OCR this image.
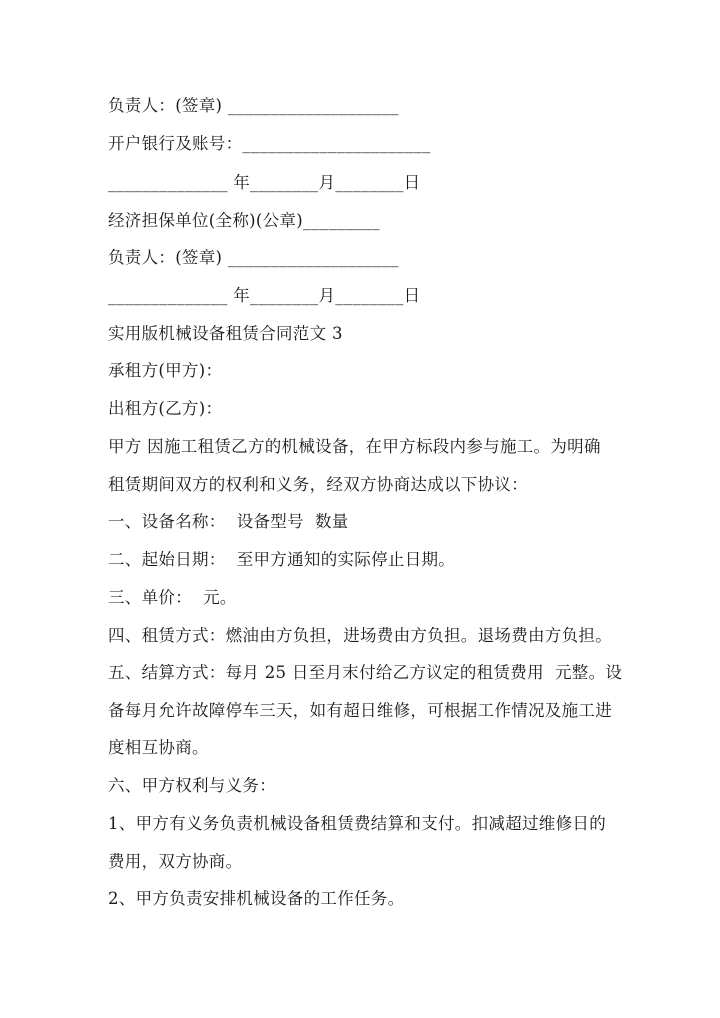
负责人：(签章) ____________________
开户银行及账号：______________________
______________ 年________月________日
经济担保单位(全称)(公章)_________
负责人：(签章) ____________________
______________ 年________月________日
实用版机械设备租赁合同范文 3
承租方(甲方)：
出租方(乙方)：
甲方 因施工租赁乙方的机械设备，在甲方标段内参与施工。为明确
租赁期间双方的权利和义务，经双方协商达成以下协议：
一、设备名称：  设备型号  数量
二、起始日期：  至甲方通知的实际停止日期。
三、单价：  元。
四、租赁方式：燃油由方负担，进场费由方负担。退场费由方负担。
五、结算方式：每月 25 日至月末付给乙方议定的租赁费用  元整。设
备每月允许故障停车三天，如有超日维修，可根据工作情况及施工进
度相互协商。
六、甲方权利与义务：
1、甲方有义务负责机械设备租赁费结算和支付。扣减超过维修日的
费用，双方协商。
2、甲方负责安排机械设备的工作任务。
